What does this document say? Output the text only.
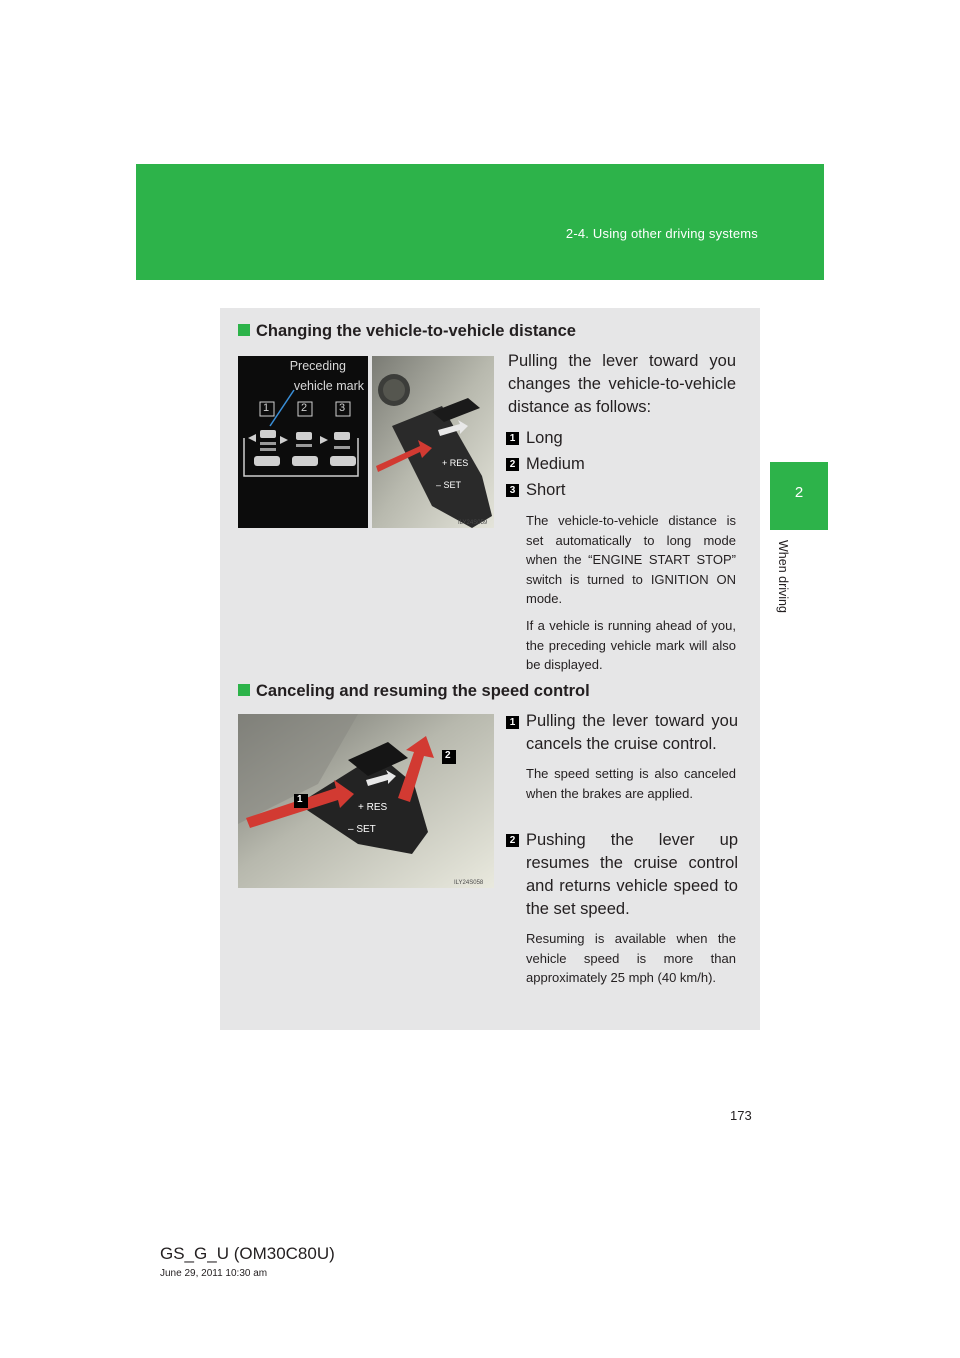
2-4. Using other driving systems
2
When driving
Changing the vehicle-to-vehicle distance
Preceding
vehicle mark
1	2	3
+ RES
– SET
ILY24S059
Pulling the lever toward you changes the vehicle-to-vehicle distance as follows:
1 Long
2 Medium
3 Short
The vehicle-to-vehicle distance is set automatically to long mode when the “ENGINE START STOP” switch is turned to IGNITION ON mode.
If a vehicle is running ahead of you, the preceding vehicle mark will also be displayed.
Canceling and resuming the speed control
+ RES
– SET
ILY24S058
1
2
1 Pulling the lever toward you cancels the cruise control.
The speed setting is also canceled when the brakes are applied.
2 Pushing the lever up resumes the cruise control and returns vehicle speed to the set speed.
Resuming is available when the vehicle speed is more than approximately 25 mph (40 km/h).
173
GS_G_U (OM30C80U)
June 29, 2011 10:30 am
